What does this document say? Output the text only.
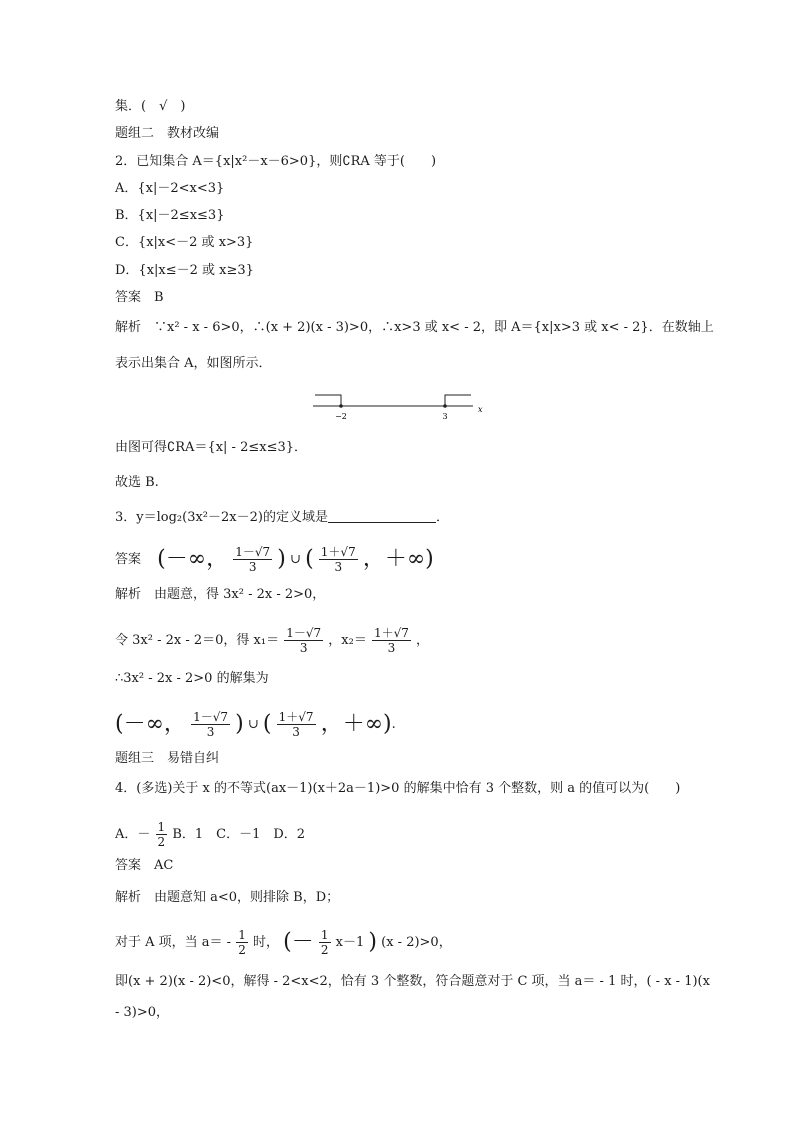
集．(　√　)
题组二　教材改编
2．已知集合 A＝{x|x²－x－6>0}，则∁RA 等于(　　)
A．{x|－2<x<3}
B．{x|－2≤x≤3}
C．{x|x<－2 或 x>3}
D．{x|x≤－2 或 x≥3}
答案　B
解析　∵x² - x - 6>0，∴(x + 2)(x - 3)>0，∴x>3 或 x< - 2，即 A＝{x|x>3 或 x< - 2}．在数轴上
表示出集合 A，如图所示．
−2	3
x
由图可得∁RA＝{x| - 2≤x≤3}．
故选 B.
3．y＝log₂(3x²－2x－2)的定义域是	．
答案 (－∞， $\frac{1-√7}{3}$ ) ∪ ( $\frac{1+√7}{3}$ ，＋∞)
解析　由题意，得 3x² - 2x - 2>0，
令 3x² - 2x - 2＝0，得 $x_1= \frac{1-√7}{3}$ ，$x_2= \frac{1+√7}{3}$ ，
∴3x² - 2x - 2>0 的解集为
(－∞， $\frac{1-√7}{3}$ ) ∪ ( $\frac{1+√7}{3}$ ，＋∞).
题组三　易错自纠
4．(多选)关于 x 的不等式(ax－1)(x＋2a－1)>0 的解集中恰有 3 个整数，则 a 的值可以为(　　)
A．－ $\frac{1}{2}$ B．1　C．－1　D．2
答案　AC
解析　由题意知 a<0，则排除 B，D；
对于 A 项，当 $a= - \frac{1}{2}$ 时， (－ $\frac{1}{2} x-1$ ) (x - 2)>0，
即(x + 2)(x - 2)<0，解得 - 2<x<2，恰有 3 个整数，符合题意对于 C 项，当 a＝ - 1 时，( - x - 1)(x
- 3)>0，
